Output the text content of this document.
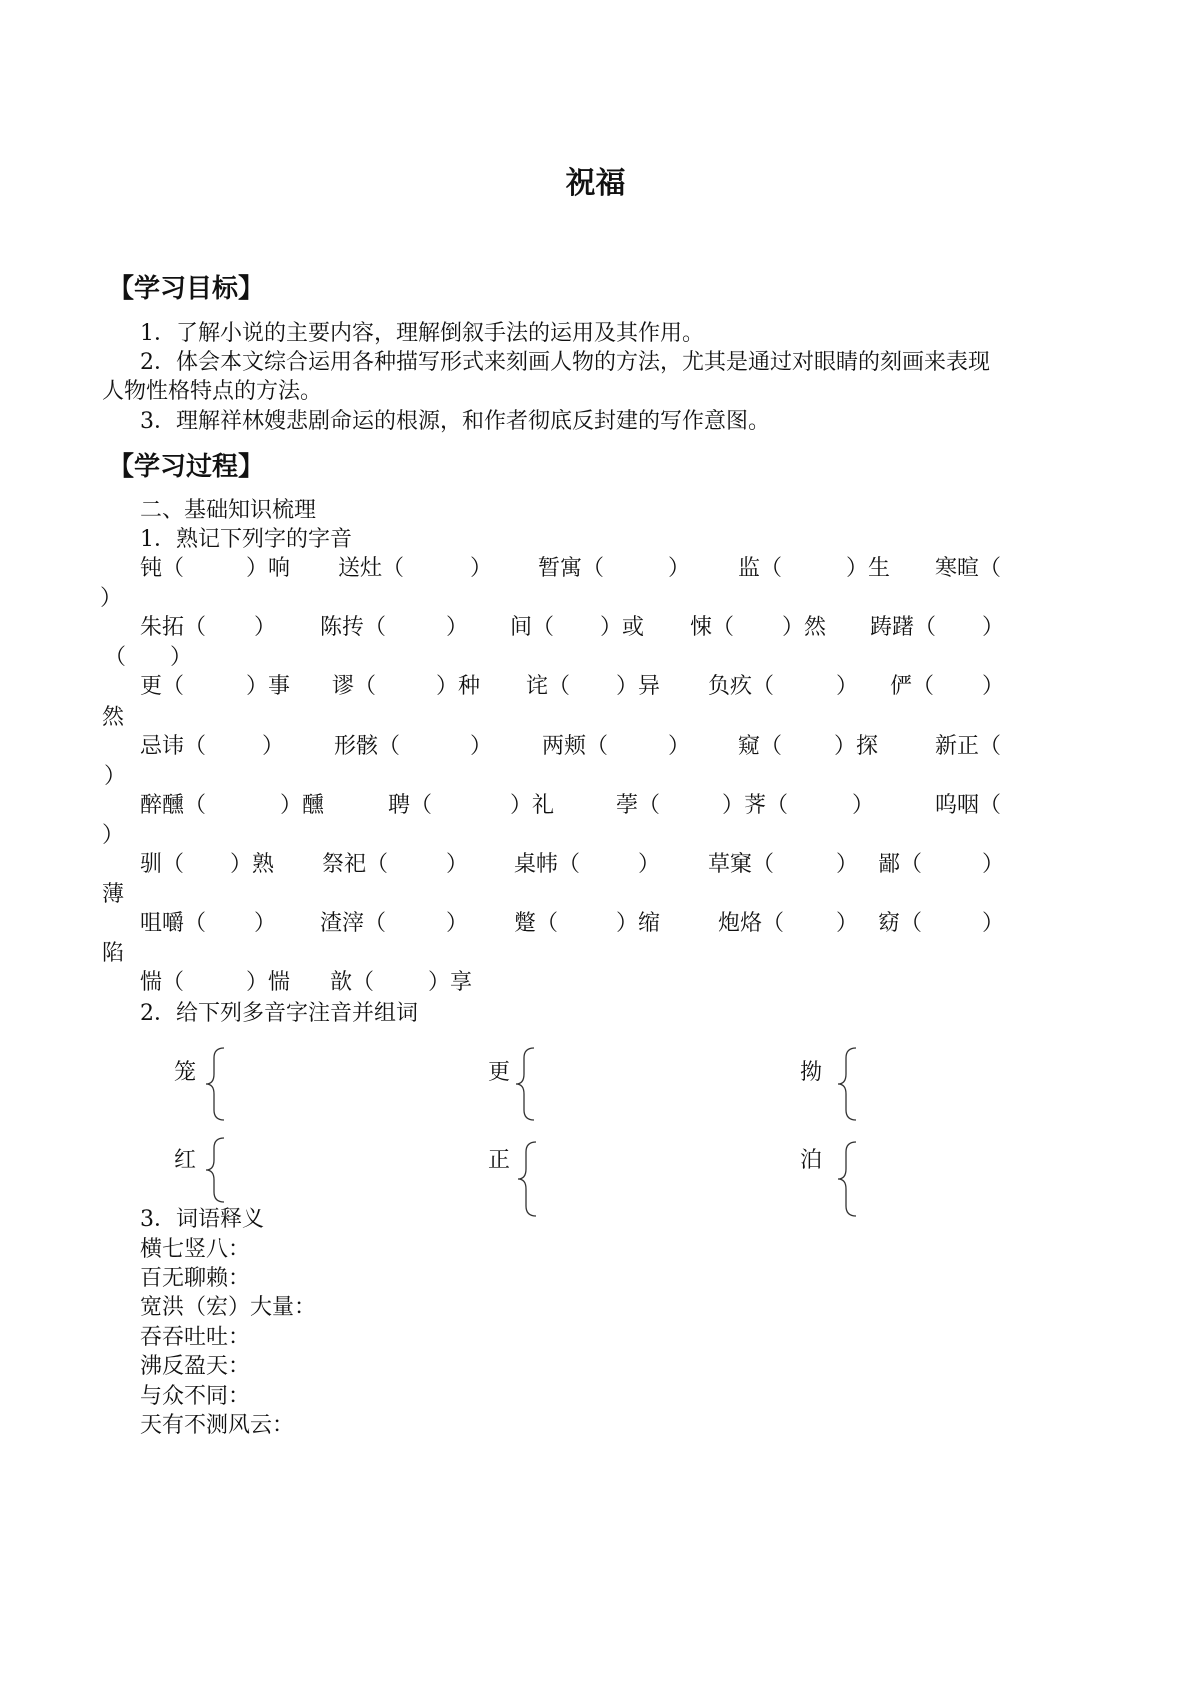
祝福
【学习目标】
1．了解小说的主要内容，理解倒叙手法的运用及其作用。
2．体会本文综合运用各种描写形式来刻画人物的方法，尤其是通过对眼睛的刻画来表现
人物性格特点的方法。
3．理解祥林嫂悲剧命运的根源，和作者彻底反封建的写作意图。
【学习过程】
二、基础知识梳理
1．熟记下列字的字音
钝（	）响 送灶（	） 暂寓（	） 监（	）生 寒暄（
）
朱拓（ ） 陈抟（	） 间（ ）或 悚（ ）然 踌躇（ ）
（　　）
更（	）事 谬（	）种 诧（ ）异 负疚（	） 俨（ ）
然
忌讳（	） 形骸（	） 两颊（	） 窥（ ）探	新正（
）
醉醺（	）醺	聘（	）礼	荸（	）荠（	）	呜咽（
）
驯（ ）熟 祭祀（	） 桌帏（	） 草窠（	） 鄙（	）
薄
咀嚼（ ） 渣滓（	） 蹩（	）缩	炮烙（ ） 窈（	）
陷
惴（	）惴 歆（ ）享
2．给下列多音字注音并组词
笼	更	拗
红	正	泊
3．词语释义
横七竖八：
百无聊赖：
宽洪（宏）大量：
吞吞吐吐：
沸反盈天：
与众不同：
天有不测风云：
